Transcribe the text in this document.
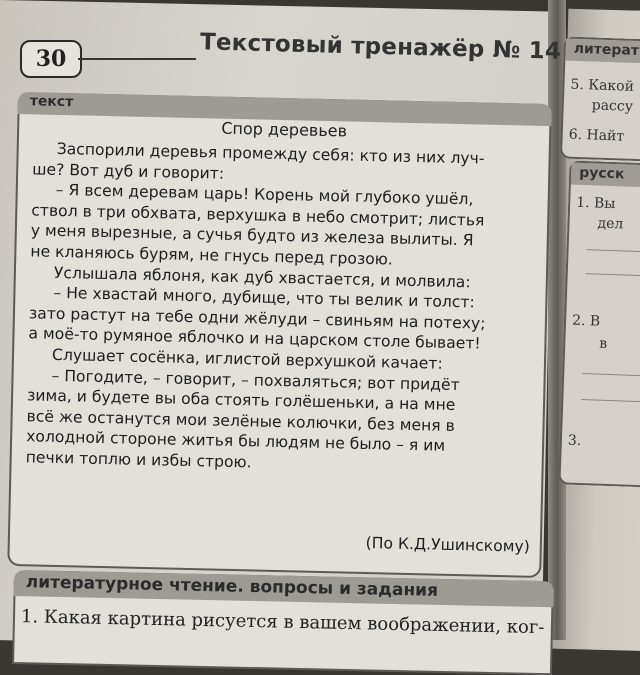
30	Текстовый тренажёр № 14
текст
Спор деревьев
Заспорили деревья промежду себя: кто из них луч-
ше? Вот дуб и говорит:
– Я всем деревам царь! Корень мой глубоко ушёл,
ствол в три обхвата, верхушка в небо смотрит; листья
у меня вырезные, а сучья будто из железа вылиты. Я
не кланяюсь бурям, не гнусь перед грозою.
Услышала яблоня, как дуб хвастается, и молвила:
– Не хвастай много, дубище, что ты велик и толст:
зато растут на тебе одни жёлуди – свиньям на потеху;
а моё-то румяное яблочко и на царском столе бывает!
Слушает сосёнка, иглистой верхушкой качает:
– Погодите, – говорит, – похваляться; вот придёт
зима, и будете вы оба стоять голёшеньки, а на мне
всё же останутся мои зелёные колючки, без меня в
холодной стороне житья бы людям не было – я им
печки топлю и избы строю.
(По К.Д.Ушинскому)
литературное чтение. вопросы и задания
1. Какая картина рисуется в вашем воображении, ког-
литерат
5. Какой
рассу
6. Найт
русск
1. Вы
дел
2. В
в
3.
